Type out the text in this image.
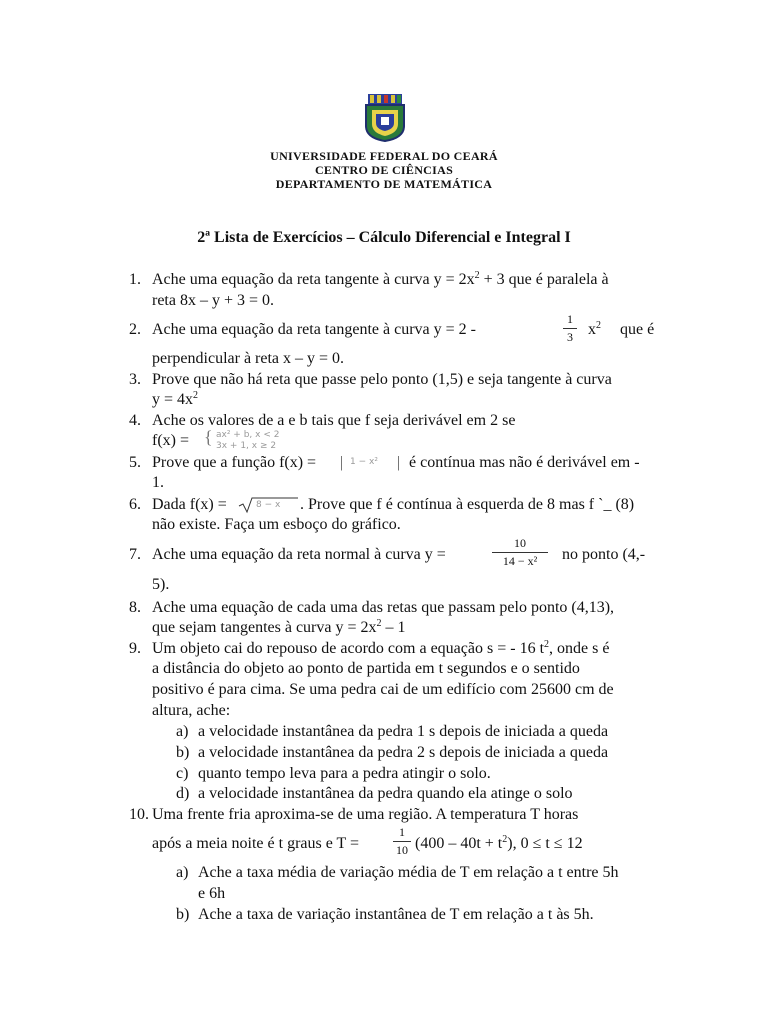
UNIVERSIDADE FEDERAL DO CEARÁ
CENTRO DE CIÊNCIAS
DEPARTAMENTO DE MATEMÁTICA
2ª Lista de Exercícios – Cálculo Diferencial e Integral I
1.
2.
3.
4.
5.
6.
7.
8.
9.
10.
Ache uma equação da reta tangente à curva $y = 2x^2 + 3$ que é paralela à
reta 8x – y + 3 = 0.
Ache uma equação da reta tangente à curva y = 2 -
1
3 $x^2$ que é
perpendicular à reta x – y = 0.
Prove que não há reta que passe pelo ponto (1,5) e seja tangente à curva
$y = 4x^2$
Ache os valores de a e b tais que f seja derivável em 2 se
f(x) = { ax² + b, x < 2
3x + 1, x ≥ 2
Prove que a função f(x) = | 1 − x² | é contínua mas não é derivável em -
1.
Dada f(x) =	8 − x . Prove que f é contínua à esquerda de 8 mas f `_ (8)
não existe. Faça um esboço do gráfico.
Ache uma equação da reta normal à curva y =
10
14 − x²	no ponto (4,-
5).
Ache uma equação de cada uma das retas que passam pelo ponto (4,13),
que sejam tangentes à curva $y = 2x^2 - 1$
Um objeto cai do repouso de acordo com a equação s = - 16 $t^2$, onde s é
a distância do objeto ao ponto de partida em t segundos e o sentido
positivo é para cima. Se uma pedra cai de um edifício com 25600 cm de
altura, ache:
a) a velocidade instantânea da pedra 1 s depois de iniciada a queda
b) a velocidade instantânea da pedra 2 s depois de iniciada a queda
c) quanto tempo leva para a pedra atingir o solo.
d) a velocidade instantânea da pedra quando ela atinge o solo
Uma frente fria aproxima-se de uma região. A temperatura T horas
após a meia noite é t graus e T =
1
10 $(400 - 40t + t^2)$, 0 ≤ t ≤ 12
a) Ache a taxa média de variação média de T em relação a t entre 5h
e 6h
b) Ache a taxa de variação instantânea de T em relação a t às 5h.
